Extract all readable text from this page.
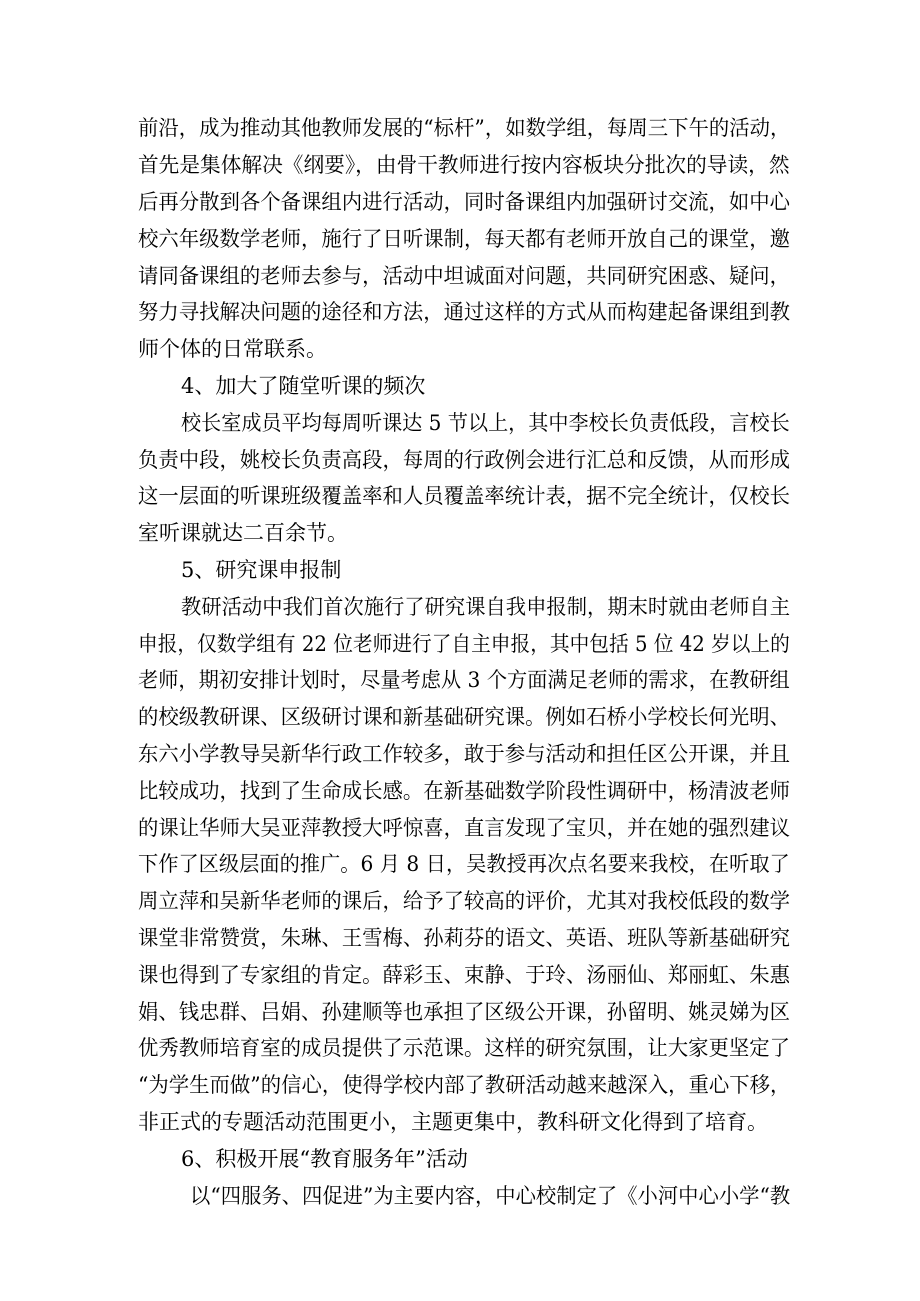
前沿，成为推动其他教师发展的“标杆”，如数学组，每周三下午的活动，
首先是集体解决《纲要》，由骨干教师进行按内容板块分批次的导读，然
后再分散到各个备课组内进行活动，同时备课组内加强研讨交流，如中心
校六年级数学老师，施行了日听课制，每天都有老师开放自己的课堂，邀
请同备课组的老师去参与，活动中坦诚面对问题，共同研究困惑、疑问，
努力寻找解决问题的途径和方法，通过这样的方式从而构建起备课组到教
师个体的日常联系。
4、加大了随堂听课的频次
校长室成员平均每周听课达 5 节以上，其中李校长负责低段，言校长
负责中段，姚校长负责高段，每周的行政例会进行汇总和反馈，从而形成
这一层面的听课班级覆盖率和人员覆盖率统计表，据不完全统计，仅校长
室听课就达二百余节。
5、研究课申报制
教研活动中我们首次施行了研究课自我申报制，期末时就由老师自主
申报，仅数学组有 22 位老师进行了自主申报，其中包括 5 位 42 岁以上的
老师，期初安排计划时，尽量考虑从 3 个方面满足老师的需求，在教研组
的校级教研课、区级研讨课和新基础研究课。例如石桥小学校长何光明、
东六小学教导吴新华行政工作较多，敢于参与活动和担任区公开课，并且
比较成功，找到了生命成长感。在新基础数学阶段性调研中，杨清波老师
的课让华师大吴亚萍教授大呼惊喜，直言发现了宝贝，并在她的强烈建议
下作了区级层面的推广。6 月 8 日，吴教授再次点名要来我校，在听取了
周立萍和吴新华老师的课后，给予了较高的评价，尤其对我校低段的数学
课堂非常赞赏，朱琳、王雪梅、孙莉芬的语文、英语、班队等新基础研究
课也得到了专家组的肯定。薛彩玉、束静、于玲、汤丽仙、郑丽虹、朱惠
娟、钱忠群、吕娟、孙建顺等也承担了区级公开课，孙留明、姚灵娣为区
优秀教师培育室的成员提供了示范课。这样的研究氛围，让大家更坚定了
“为学生而做”的信心，使得学校内部了教研活动越来越深入，重心下移，
非正式的专题活动范围更小，主题更集中，教科研文化得到了培育。
6、积极开展“教育服务年”活动
以“四服务、四促进”为主要内容，中心校制定了《小河中心小学“教
